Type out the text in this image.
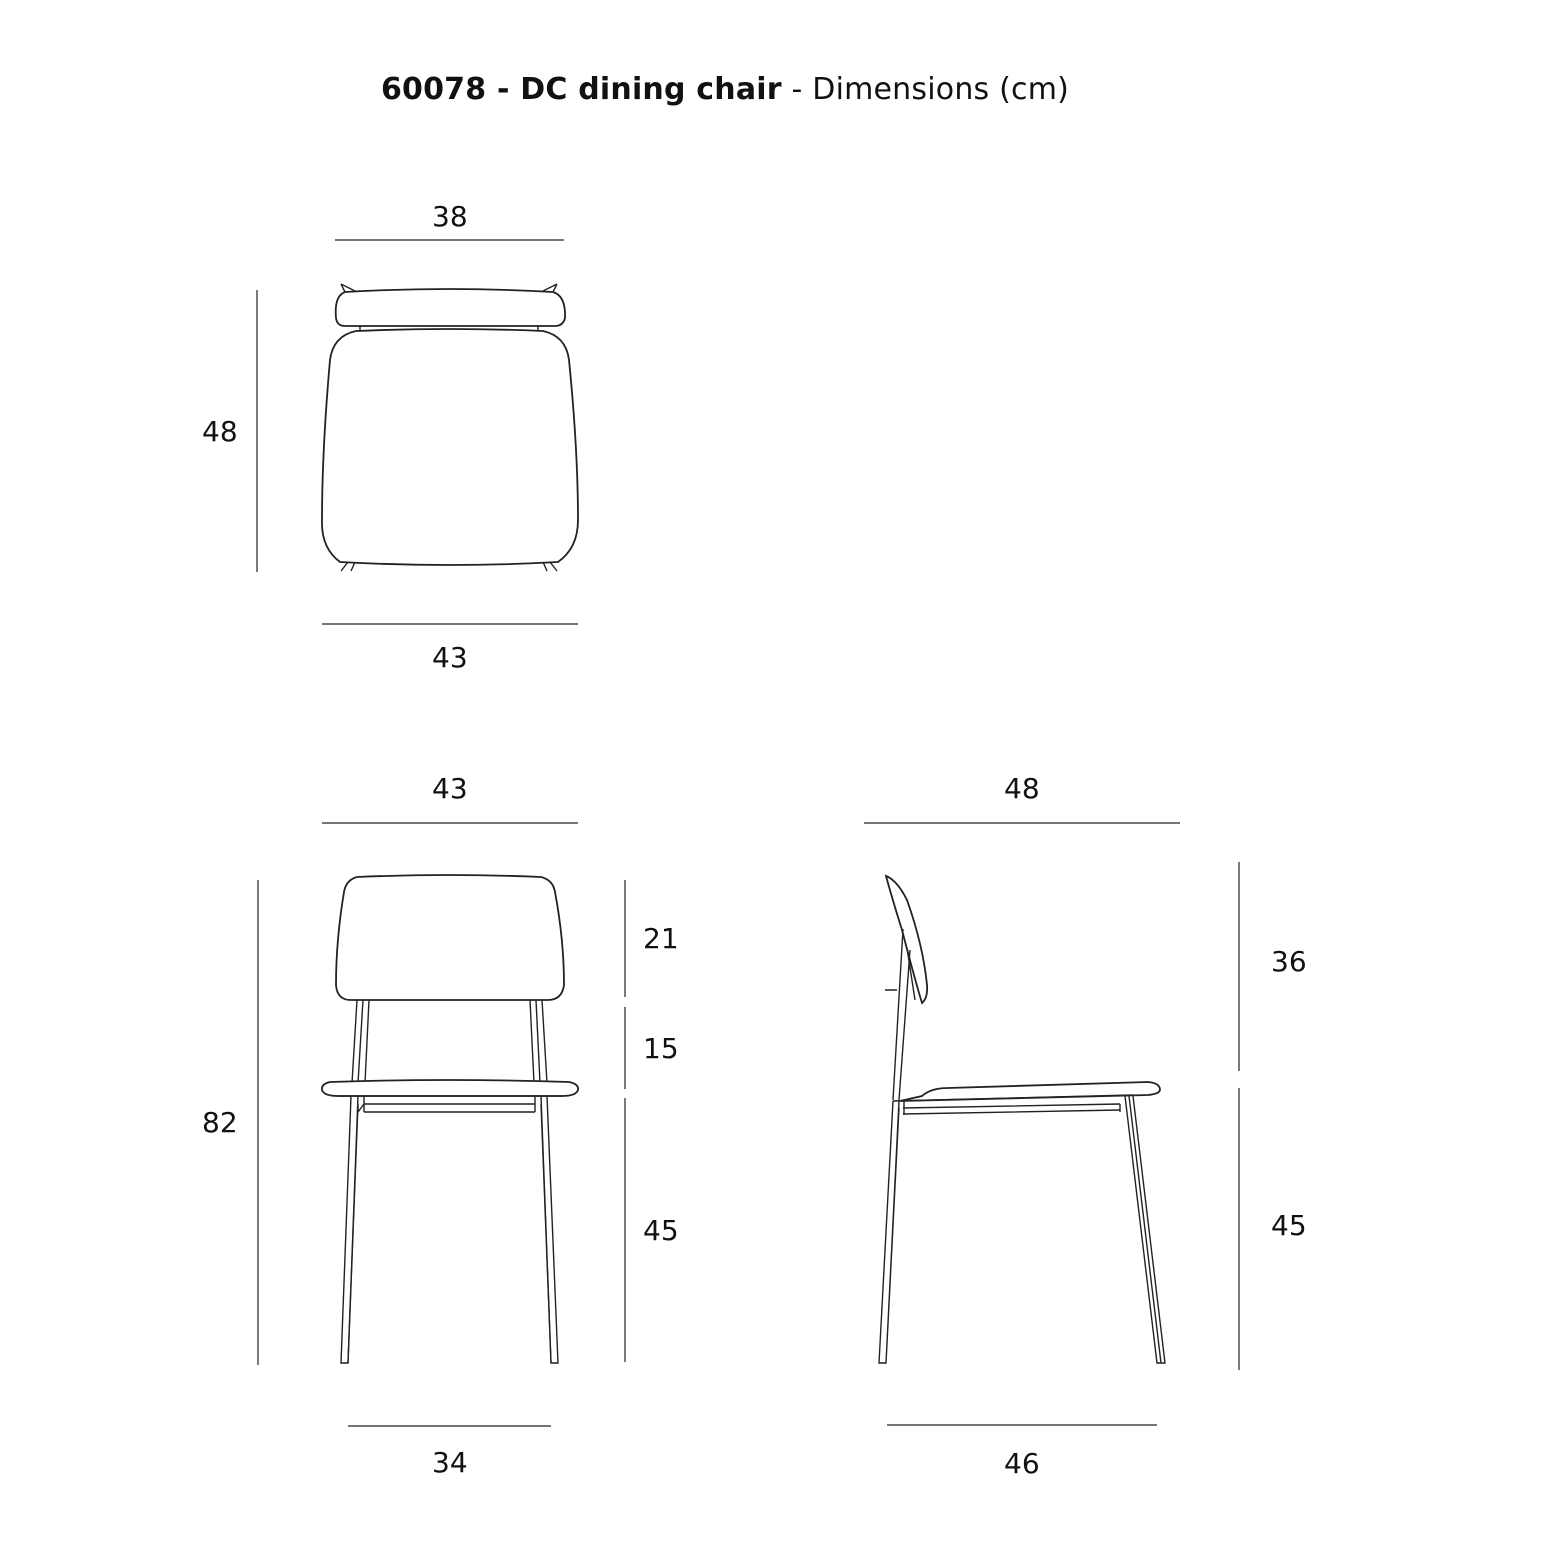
60078 - DC dining chair - Dimensions (cm)
38
48
43
43
82
21
15
45
34
48
36
45
46
